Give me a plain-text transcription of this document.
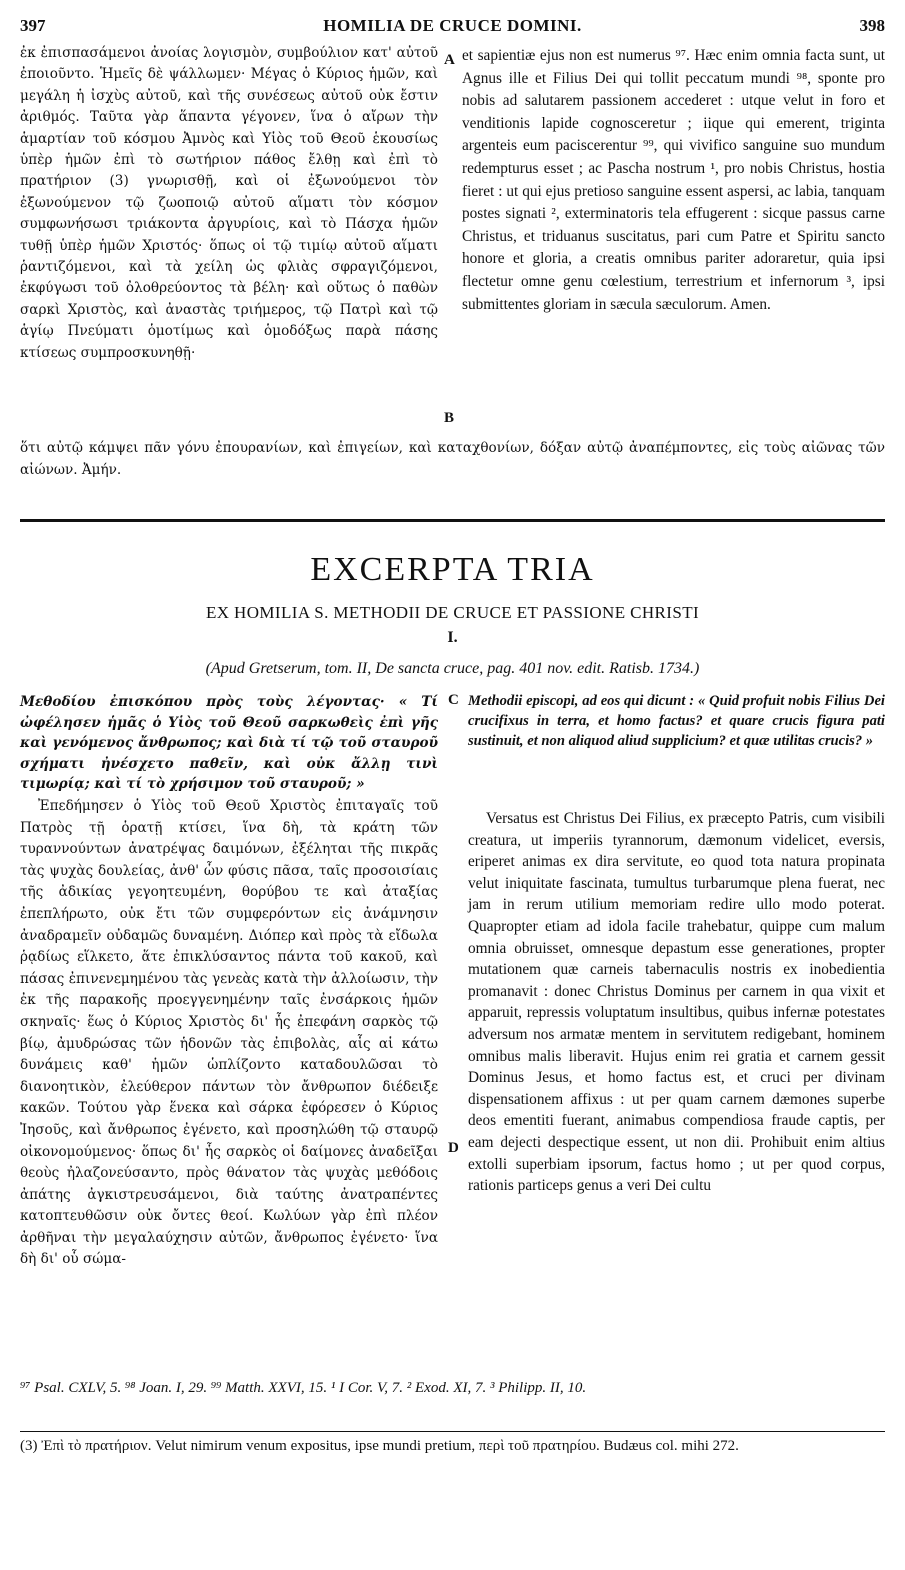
397	HOMILIA DE CRUCE DOMINI.	398

ἐκ ἐπισπασάμενοι ἀνοίας λογισμὸν, συμβούλιον κατ' αὐτοῦ ἐποιοῦντο. Ἡμεῖς δὲ ψάλλωμεν· Μέγας ὁ Κύριος ἡμῶν, καὶ μεγάλη ἡ ἰσχὺς αὐτοῦ, καὶ τῆς συνέσεως αὐτοῦ οὐκ ἔστιν ἀριθμός. Ταῦτα γὰρ ἅπαντα γέγονεν, ἵνα ὁ αἴρων τὴν ἁμαρτίαν τοῦ κόσμου Ἀμνὸς καὶ Υἱὸς τοῦ Θεοῦ ἑκουσίως ὑπὲρ ἡμῶν ἐπὶ τὸ σωτήριον πάθος ἔλθῃ καὶ ἐπὶ τὸ πρατήριον (3) γνωρισθῇ, καὶ οἱ ἐξωνούμενοι τὸν ἐξωνούμενον τῷ ζωοποιῷ αὐτοῦ αἵματι τὸν κόσμον συμφωνήσωσι τριάκοντα ἀργυρίοις, καὶ τὸ Πάσχα ἡμῶν τυθῇ ὑπὲρ ἡμῶν Χριστός· ὅπως οἱ τῷ τιμίῳ αὐτοῦ αἵματι ῥαντιζόμενοι, καὶ τὰ χείλη ὡς φλιὰς σφραγιζόμενοι, ἐκφύγωσι τοῦ ὀλοθρεύοντος τὰ βέλη· καὶ οὕτως ὁ παθὼν σαρκὶ Χριστὸς, καὶ ἀναστὰς τριήμερος, τῷ Πατρὶ καὶ τῷ ἁγίῳ Πνεύματι ὁμοτίμως καὶ ὁμοδόξως παρὰ πάσης κτίσεως συμπροσκυνηθῇ·

A
B

et sapientiæ ejus non est numerus ⁹⁷. Hæc enim omnia facta sunt, ut Agnus ille et Filius Dei qui tollit peccatum mundi ⁹⁸, sponte pro nobis ad salutarem passionem accederet : utque velut in foro et venditionis lapide cognosceretur ; iique qui emerent, triginta argenteis eum paciscerentur ⁹⁹, qui vivifico sanguine suo mundum redempturus esset ; ac Pascha nostrum ¹, pro nobis Christus, hostia fieret : ut qui ejus pretioso sanguine essent aspersi, ac labia, tanquam postes signati ², exterminatoris tela effugerent : sicque passus carne Christus, et triduanus suscitatus, pari cum Patre et Spiritu sancto honore et gloria, a creatis omnibus pariter adoraretur, quia ipsi flectetur omne genu cœlestium, terrestrium et infernorum ³, ipsi submittentes gloriam in sæcula sæculorum. Amen.

ὅτι αὐτῷ κάμψει πᾶν γόνυ ἐπουρανίων, καὶ ἐπιγείων, καὶ καταχθονίων, δόξαν αὐτῷ ἀναπέμποντες, εἰς τοὺς αἰῶνας τῶν αἰώνων. Ἀμήν.

EXCERPTA TRIA
EX HOMILIA S. METHODII DE CRUCE ET PASSIONE CHRISTI
I.
(Apud Gretserum, tom. II, De sancta cruce, pag. 401 nov. edit. Ratisb. 1734.)

Μεθοδίου ἐπισκόπου πρὸς τοὺς λέγοντας· « Τί ὠφέλησεν ἡμᾶς ὁ Υἱὸς τοῦ Θεοῦ σαρκωθεὶς ἐπὶ γῆς καὶ γενόμενος ἄνθρωπος; καὶ διὰ τί τῷ τοῦ σταυροῦ σχήματι ἠνέσχετο παθεῖν, καὶ οὐκ ἄλλῃ τινὶ τιμωρίᾳ; καὶ τί τὸ χρήσιμον τοῦ σταυροῦ; »

C Methodii episcopi, ad eos qui dicunt : « Quid profuit nobis Filius Dei crucifixus in terra, et homo factus? et quare crucis figura pati sustinuit, et non aliquod aliud supplicium? et quæ utilitas crucis? »

Ἐπεδήμησεν ὁ Υἱὸς τοῦ Θεοῦ Χριστὸς ἐπιταγαῖς τοῦ Πατρὸς τῇ ὁρατῇ κτίσει, ἵνα δὴ, τὰ κράτη τῶν τυραννούντων ἀνατρέψας δαιμόνων, ἐξέληται τῆς πικρᾶς τὰς ψυχὰς δουλείας, ἀνθ' ὧν φύσις πᾶσα, ταῖς προσοισίαις τῆς ἀδικίας γεγοητευμένη, θορύβου τε καὶ ἀταξίας ἐπεπλήρωτο, οὐκ ἔτι τῶν συμφερόντων εἰς ἀνάμνησιν ἀναδραμεῖν οὐδαμῶς δυναμένη. Διόπερ καὶ πρὸς τὰ εἴδωλα ῥᾳδίως εἵλκετο, ἅτε ἐπικλύσαντος πάντα τοῦ κακοῦ, καὶ πάσας ἐπινενεμημένου τὰς γενεὰς κατὰ τὴν ἀλλοίωσιν, τὴν ἐκ τῆς παρακοῆς προεγγενημένην ταῖς ἐνσάρκοις ἡμῶν σκηναῖς· ἕως ὁ Κύριος Χριστὸς δι' ἧς ἐπεφάνη σαρκὸς τῷ βίῳ, ἀμυδρώσας τῶν ἡδονῶν τὰς ἐπιβολὰς, αἷς αἱ κάτω δυνάμεις καθ' ἡμῶν ὡπλίζοντο καταδουλῶσαι τὸ διανοητικὸν, ἐλεύθερον πάντων τὸν ἄνθρωπον διέδειξε κακῶν. Τούτου γὰρ ἕνεκα καὶ σάρκα ἐφόρεσεν ὁ Κύριος Ἰησοῦς, καὶ ἄνθρωπος ἐγένετο, καὶ προσηλώθη τῷ σταυρῷ οἰκονομούμενος· ὅπως δι' ἧς σαρκὸς οἱ δαίμονες ἀναδεῖξαι θεοὺς ἠλαζονεύσαντο, πρὸς θάνατον τὰς ψυχὰς μεθόδοις ἀπάτης ἀγκιστρευσάμενοι, διὰ ταύτης ἀνατραπέντες κατοπτευθῶσιν οὐκ ὄντες θεοί. Κωλύων γὰρ ἐπὶ πλέον ἀρθῆναι τὴν μεγαλαύχησιν αὐτῶν, ἄνθρωπος ἐγένετο· ἵνα δὴ δι' οὗ σώμα-

D

Versatus est Christus Dei Filius, ex præcepto Patris, cum visibili creatura, ut imperiis tyrannorum, dæmonum videlicet, eversis, eriperet animas ex dira servitute, eo quod tota natura propinata velut iniquitate fascinata, tumultus turbarumque plena fuerat, nec jam in rerum utilium memoriam redire ullo modo poterat. Quapropter etiam ad idola facile trahebatur, quippe cum malum omnia obruisset, omnesque depastum esse generationes, propter mutationem quæ carneis tabernaculis nostris ex inobedientia promanavit : donec Christus Dominus per carnem in qua vixit et apparuit, repressis voluptatum insultibus, quibus infernæ potestates adversum nos armatæ mentem in servitutem redigebant, hominem omnibus malis liberavit. Hujus enim rei gratia et carnem gessit Dominus Jesus, et homo factus est, et cruci per divinam dispensationem affixus : ut per quam carnem dæmones superbe deos ementiti fuerant, animabus compendiosa fraude captis, per eam dejecti despectique essent, ut non dii. Prohibuit enim altius extolli superbiam ipsorum, factus homo ; ut per quod corpus, rationis particeps genus a veri Dei cultu

⁹⁷ Psal. CXLV, 5. ⁹⁸ Joan. I, 29. ⁹⁹ Matth. XXVI, 15. ¹ I Cor. V, 7. ² Exod. XI, 7. ³ Philipp. II, 10.
(3) Ἐπὶ τὸ πρατήριον. Velut nimirum venum expositus, ipse mundi pretium, περὶ τοῦ πρατηρίου. Budæus col. mihi 272.
